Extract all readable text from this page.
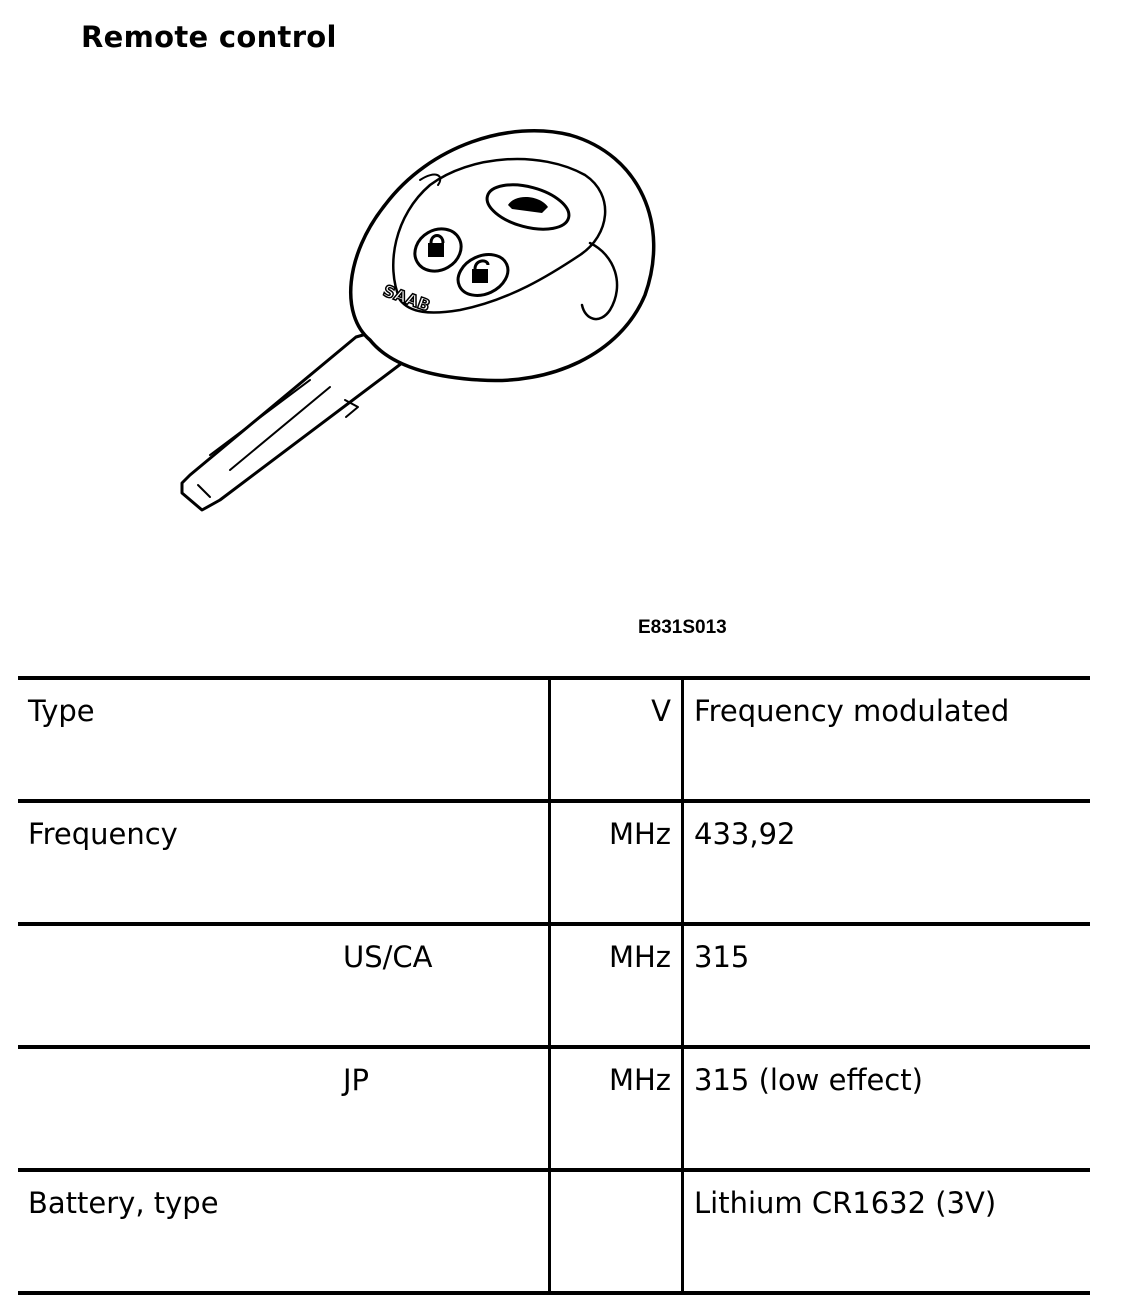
Remote control
SAAB
E831S013
Type	V	Frequency modulated
Frequency	MHz	433,92
US/CA	MHz	315
JP	MHz	315 (low effect)
Battery, type		Lithium CR1632 (3V)
